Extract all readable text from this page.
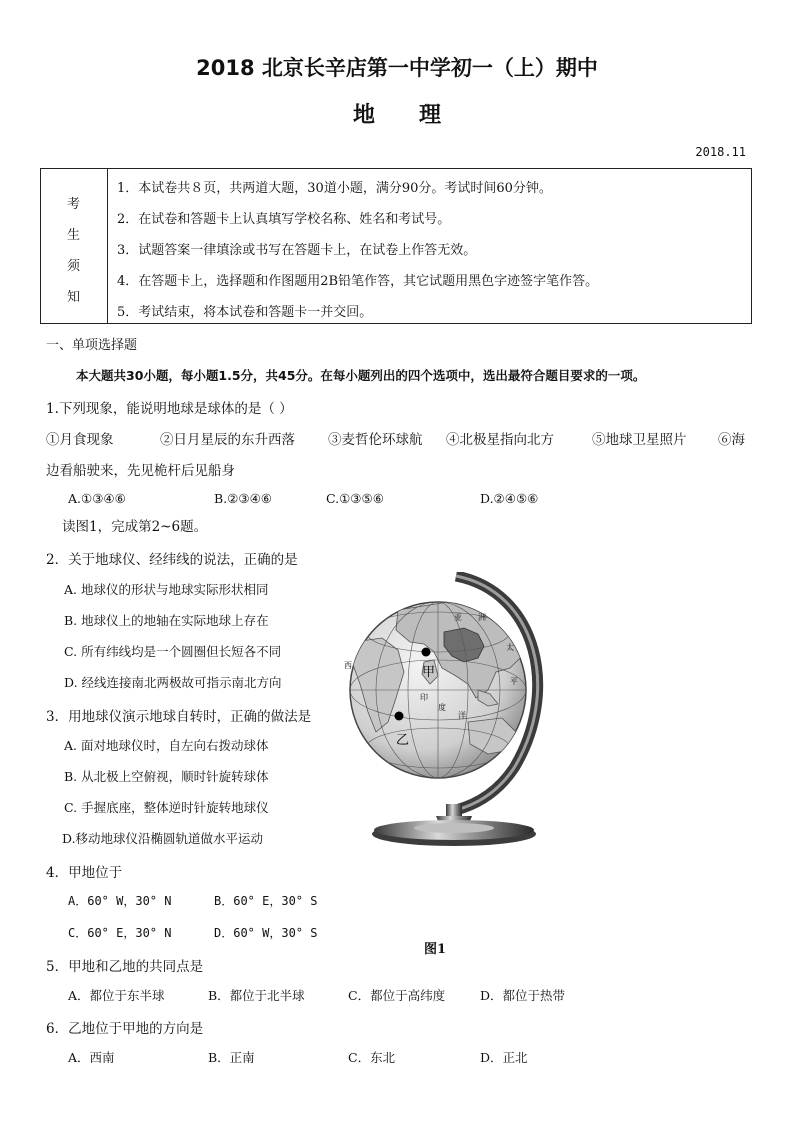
2018 北京长辛店第一中学初一（上）期中
地理
2018.11
考
生
须
知
1．本试卷共８页，共两道大题，30道小题，满分90分。考试时间60分钟。
2．在试卷和答题卡上认真填写学校名称、姓名和考试号。
3．试题答案一律填涂或书写在答题卡上，在试卷上作答无效。
4．在答题卡上，选择题和作图题用2B铅笔作答，其它试题用黑色字迹签字笔作答。
5．考试结束，将本试卷和答题卡一并交回。
一、单项选择题
本大题共30小题，每小题1.5分，共45分。在每小题列出的四个选项中，选出最符合题目要求的一项。
1.下列现象，能说明地球是球体的是（ ）
①月食现象	②日月星辰的东升西落 ③麦哲伦环球航 ④北极星指向北方	⑤地球卫星照片 ⑥海
边看船驶来，先见桅杆后见船身
A.①③④⑥	B.②③④⑥	C.①③⑤⑥	D.②④⑤⑥
读图1，完成第2~6题。
2．关于地球仪、经纬线的说法，正确的是
A. 地球仪的形状与地球实际形状相同
B. 地球仪上的地轴在实际地球上存在
C. 所有纬线均是一个圆圈但长短各不同
D. 经线连接南北两极故可指示南北方向
3．用地球仪演示地球自转时，正确的做法是
A. 面对地球仪时，自左向右拨动球体
B. 从北极上空俯视，顺时针旋转球体
C. 手握底座，整体逆时针旋转地球仪
D.移动地球仪沿椭圆轨道做水平运动
4．甲地位于
A．60° W，30° N	B．60° E，30° S
C．60° E，30° N	D．60° W，30° S
图1
5．甲地和乙地的共同点是
A．都位于东半球	B．都位于北半球	C．都位于高纬度	D．都位于热带
6．乙地位于甲地的方向是
A．西南	B．正南	C．东北	D．正北
西
印
度
洋
太
平
洲
亚
甲
乙
